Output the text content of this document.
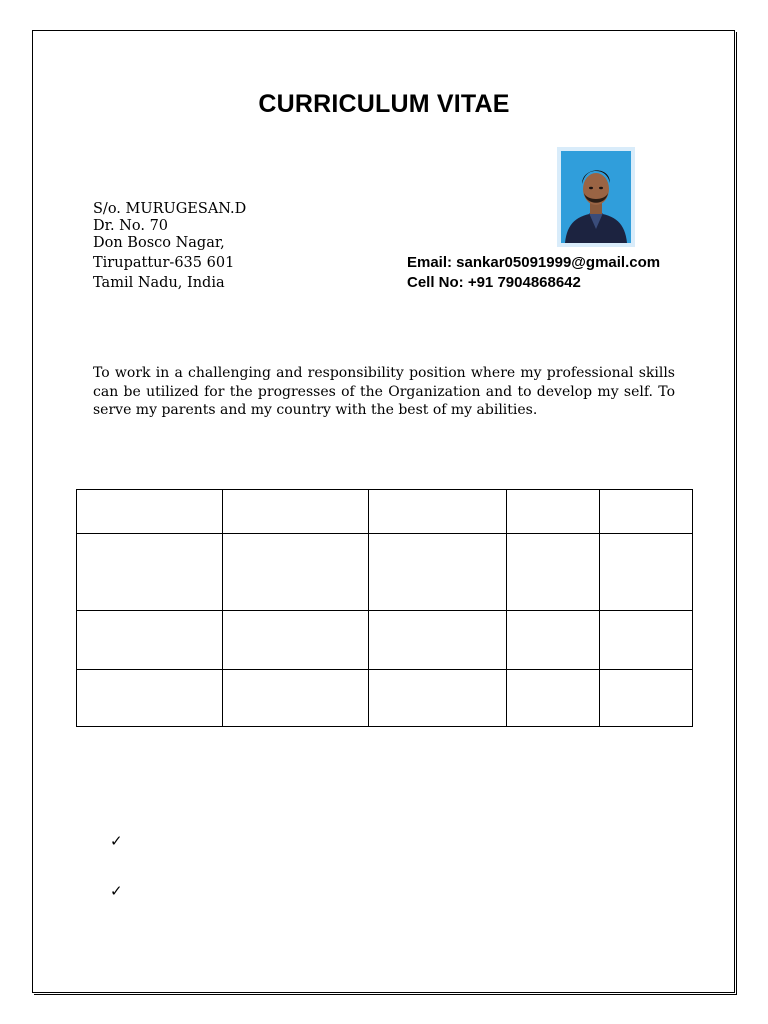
CURRICULUM VITAE
S/o. MURUGESAN.D
Dr. No. 70
Don Bosco Nagar,
Tirupattur-635 601
Tamil Nadu, India
Email: sankar05091999@gmail.com
Cell No: +91 7904868642
To work in a challenging and responsibility position where my professional skills can be utilized for the progresses of the Organization and to develop my self. To serve my parents and my country with the best of my abilities.

✓
✓
